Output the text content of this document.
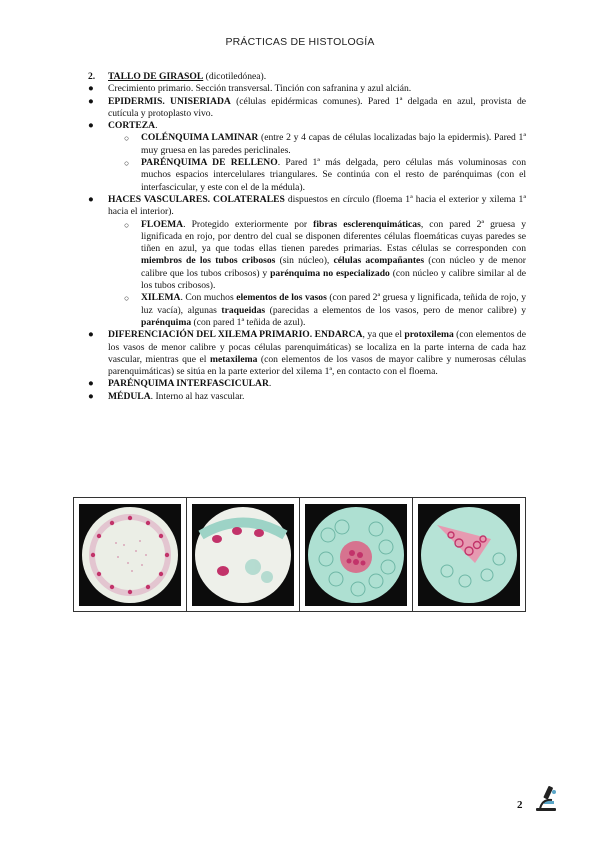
PRÁCTICAS DE HISTOLOGÍA
2.	TALLO DE GIRASOL (dicotiledónea).
●	Crecimiento primario. Sección transversal. Tinción con safranina y azul alcián.
●	EPIDERMIS. UNISERIADA (células epidérmicas comunes). Pared 1ª delgada en azul, provista de cutícula y protoplasto vivo.
●	CORTEZA.
○	COLÉNQUIMA LAMINAR (entre 2 y 4 capas de células localizadas bajo la epidermis). Pared 1ª muy gruesa en las paredes periclinales.
○	PARÉNQUIMA DE RELLENO. Pared 1ª más delgada, pero células más voluminosas con muchos espacios intercelulares triangulares. Se continúa con el resto de parénquimas (con el interfascicular, y este con el de la médula).
●	HACES VASCULARES. COLATERALES dispuestos en círculo (floema 1ª hacia el exterior y xilema 1ª hacia el interior).
○	FLOEMA. Protegido exteriormente por fibras esclerenquimáticas, con pared 2ª gruesa y lignificada en rojo, por dentro del cual se disponen diferentes células floemáticas cuyas paredes se tiñen en azul, ya que todas ellas tienen paredes primarias. Estas células se corresponden con miembros de los tubos cribosos (sin núcleo), células acompañantes (con núcleo y de menor calibre que los tubos cribosos) y parénquima no especializado (con núcleo y calibre similar al de los tubos cribosos).
○	XILEMA. Con muchos elementos de los vasos (con pared 2ª gruesa y lignificada, teñida de rojo, y luz vacía), algunas traqueidas (parecidas a elementos de los vasos, pero de menor calibre) y parénquima (con pared 1ª teñida de azul).
●	DIFERENCIACIÓN DEL XILEMA PRIMARIO. ENDARCA, ya que el protoxilema (con elementos de los vasos de menor calibre y pocas células parenquimáticas) se localiza en la parte interna de cada haz vascular, mientras que el metaxilema (con elementos de los vasos de mayor calibre y numerosas células parenquimáticas) se sitúa en la parte exterior del xilema 1ª, en contacto con el floema.
●	PARÉNQUIMA INTERFASCICULAR.
●	MÉDULA. Interno al haz vascular.
2
